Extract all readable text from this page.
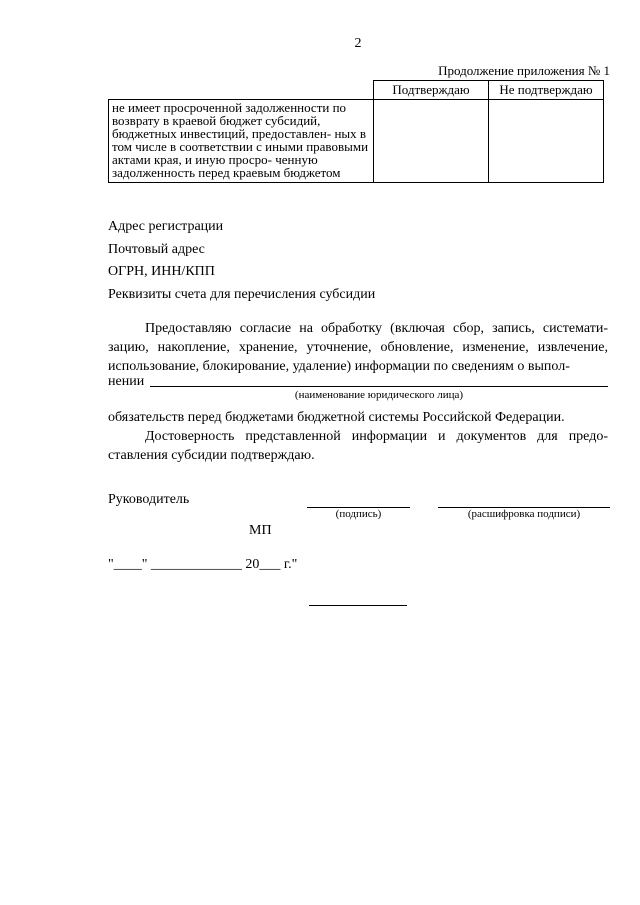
2
Продолжение приложения № 1
	Подтверждаю	Не подтверждаю
не имеет просроченной задолженности по возврату в краевой бюджет субсидий, бюджетных инвестиций, предоставлен- ных в том числе в соответствии с иными правовыми актами края, и иную просро- ченную задолженность перед краевым бюджетом		
Адрес регистрации
Почтовый адрес
ОГРН, ИНН/КПП
Реквизиты счета для перечисления субсидии
Предоставляю согласие на обработку (включая сбор, запись, системати- зацию, накопление, хранение, уточнение, обновление, изменение, извлечение, использование, блокирование, удаление) информации по сведениям о выпол-
нении
(наименование юридического лица)
обязательств перед бюджетами бюджетной системы Российской Федерации.
Достоверность представленной информации и документов для предо- ставления субсидии подтверждаю.
Руководитель
(подпись)	(расшифровка подписи)
МП
"____" _____________ 20___ г."
